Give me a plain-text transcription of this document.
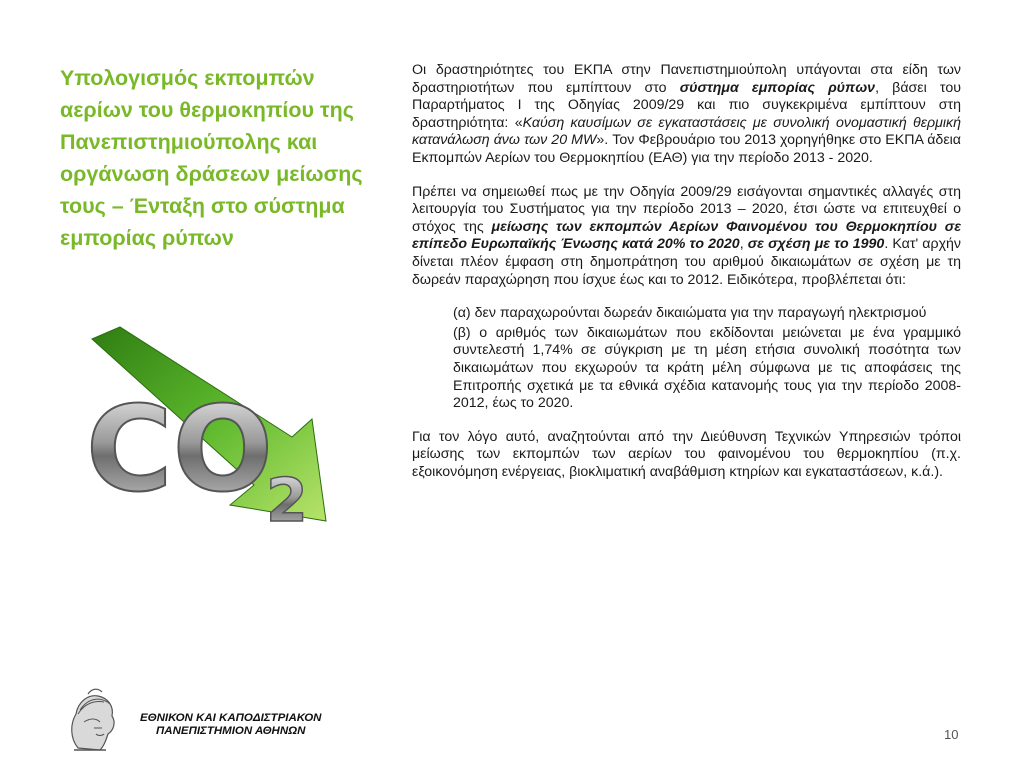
Υπολογισμός εκπομπών αερίων του θερμοκηπίου της Πανεπιστημιούπολης και οργάνωση δράσεων μείωσης τους – Ένταξη στο σύστημα εμπορίας ρύπων
CO
2

Οι δραστηριότητες του ΕΚΠΑ στην Πανεπιστημιούπολη υπάγονται στα είδη των δραστηριοτήτων που εμπίπτουν στο σύστημα εμπορίας ρύπων, βάσει του Παραρτήματος Ι της Οδηγίας 2009/29 και πιο συγκεκριμένα εμπίπτουν στη δραστηριότητα: «Καύση καυσίμων σε εγκαταστάσεις με συνολική ονομαστική θερμική κατανάλωση άνω των 20 MW». Τον Φεβρουάριο του 2013 χορηγήθηκε στο ΕΚΠΑ άδεια Εκπομπών Αερίων του Θερμοκηπίου (ΕΑΘ) για την περίοδο 2013 - 2020.

Πρέπει να σημειωθεί πως με την Οδηγία 2009/29 εισάγονται σημαντικές αλλαγές στη λειτουργία του Συστήματος για την περίοδο 2013 – 2020, έτσι ώστε να επιτευχθεί ο στόχος της μείωσης των εκπομπών Αερίων Φαινομένου του Θερμοκηπίου σε επίπεδο Ευρωπαϊκής Ένωσης κατά 20% το 2020, σε σχέση με το 1990. Κατ' αρχήν δίνεται πλέον έμφαση στη δημοπράτηση του αριθμού δικαιωμάτων σε σχέση με τη δωρεάν παραχώρηση που ίσχυε έως και το 2012. Ειδικότερα, προβλέπεται ότι:

(α) δεν παραχωρούνται δωρεάν δικαιώματα για την παραγωγή ηλεκτρισμού

(β) ο αριθμός των δικαιωμάτων που εκδίδονται μειώνεται με ένα γραμμικό συντελεστή 1,74% σε σύγκριση με τη μέση ετήσια συνολική ποσότητα των δικαιωμάτων που εκχωρούν τα κράτη μέλη σύμφωνα με τις αποφάσεις της Επιτροπής σχετικά με τα εθνικά σχέδια κατανομής τους για την περίοδο 2008-2012, έως το 2020.

Για τον λόγο αυτό, αναζητούνται από την Διεύθυνση Τεχνικών Υπηρεσιών τρόποι μείωσης των εκπομπών των αερίων του φαινομένου του θερμοκηπίου (π.χ. εξοικονόμηση ενέργειας, βιοκλιματική αναβάθμιση κτηρίων και εγκαταστάσεων, κ.ά.).

ΕΘΝΙΚΟΝ ΚΑΙ ΚΑΠΟΔΙΣΤΡΙΑΚΟΝ
ΠΑΝΕΠΙΣΤΗΜΙΟΝ ΑΘΗΝΩΝ	10
